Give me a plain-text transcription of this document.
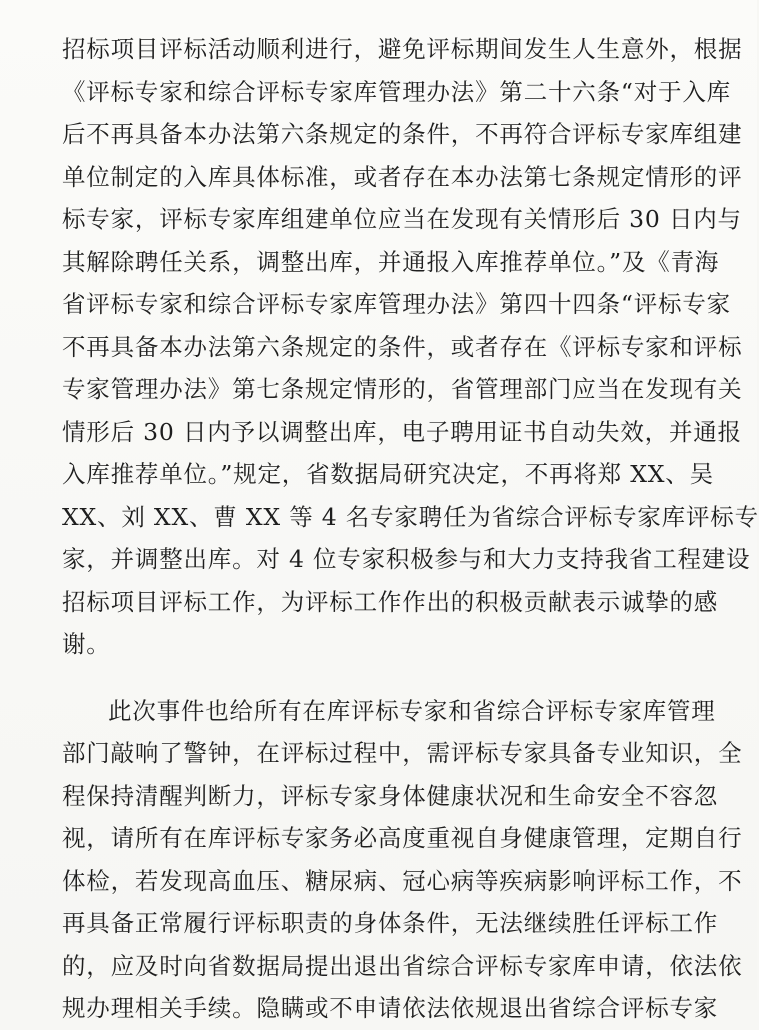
招标项目评标活动顺利进行，避免评标期间发生人生意外，根据
《评标专家和综合评标专家库管理办法》第二十六条“对于入库
后不再具备本办法第六条规定的条件，不再符合评标专家库组建
单位制定的入库具体标准，或者存在本办法第七条规定情形的评
标专家，评标专家库组建单位应当在发现有关情形后 30 日内与
其解除聘任关系，调整出库，并通报入库推荐单位。”及《青海
省评标专家和综合评标专家库管理办法》第四十四条“评标专家
不再具备本办法第六条规定的条件，或者存在《评标专家和评标
专家管理办法》第七条规定情形的，省管理部门应当在发现有关
情形后 30 日内予以调整出库，电子聘用证书自动失效，并通报
入库推荐单位。”规定，省数据局研究决定，不再将郑 XX、吴
XX、刘 XX、曹 XX 等 4 名专家聘任为省综合评标专家库评标专
家，并调整出库。对 4 位专家积极参与和大力支持我省工程建设
招标项目评标工作，为评标工作作出的积极贡献表示诚挚的感
谢。
此次事件也给所有在库评标专家和省综合评标专家库管理
部门敲响了警钟，在评标过程中，需评标专家具备专业知识，全
程保持清醒判断力，评标专家身体健康状况和生命安全不容忽
视，请所有在库评标专家务必高度重视自身健康管理，定期自行
体检，若发现高血压、糖尿病、冠心病等疾病影响评标工作，不
再具备正常履行评标职责的身体条件，无法继续胜任评标工作
的，应及时向省数据局提出退出省综合评标专家库申请，依法依
规办理相关手续。隐瞒或不申请依法依规退出省综合评标专家
